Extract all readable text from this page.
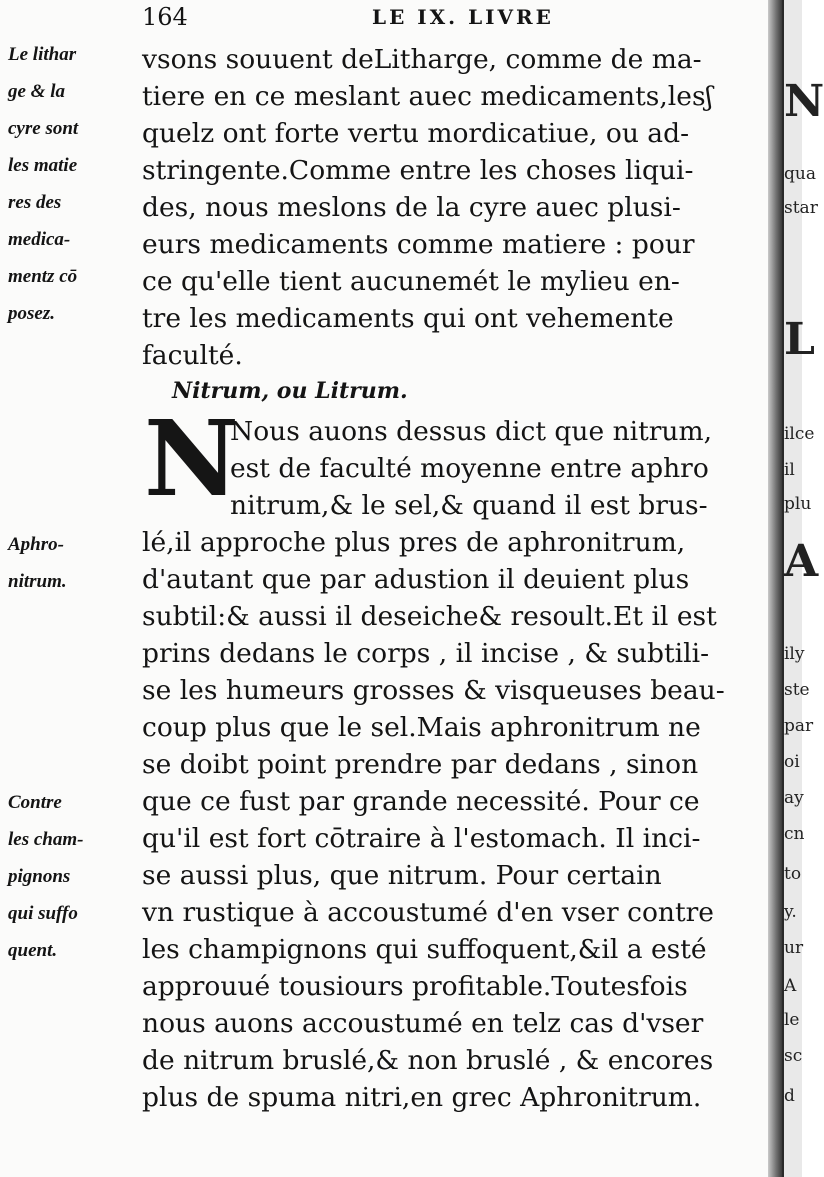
164	LE IX. LIVRE
Le lithar
ge & la
cyre sont
les matie
res des
medica-
mentz cō
posez.
Aphro-
nitrum.
Contre
les cham-
pignons
qui suffo
quent.
vsons souuent deLitharge, comme de ma-
tiere en ce meslant auec medicaments,lesʃ
quelz ont forte vertu mordicatiue, ou ad-
stringente.Comme entre les choses liqui-
des, nous meslons de la cyre auec plusi-
eurs medicaments comme matiere : pour
ce qu'elle tient aucunemét le mylieu en-
tre les medicaments qui ont vehemente
faculté.
Nous auons dessus dict que nitrum,
est de faculté moyenne entre aphro
nitrum,& le sel,& quand il est brus-
lé,il approche plus pres de aphronitrum,
d'autant que par adustion il deuient plus
subtil:& aussi il deseiche& resoult.Et il est
prins dedans le corps , il incise , & subtili-
se les humeurs grosses & visqueuses beau-
coup plus que le sel.Mais aphronitrum ne
se doibt point prendre par dedans , sinon
que ce fust par grande necessité. Pour ce
qu'il est fort cōtraire à l'estomach. Il inci-
se aussi plus, que nitrum. Pour certain
vn rustique à accoustumé d'en vser contre
les champignons qui suffoquent,&il a esté
approuué tousiours profitable.Toutesfois
nous auons accoustumé en telz cas d'vser
de nitrum bruslé,& non bruslé , & encores
plus de spuma nitri,en grec Aphronitrum.
Nitrum, ou Litrum.
N
N
qua
star
L
ilce
il
plu
A
ily
ste
par
oi
ay
cn
to
y.
ur
A
le
sc
d
